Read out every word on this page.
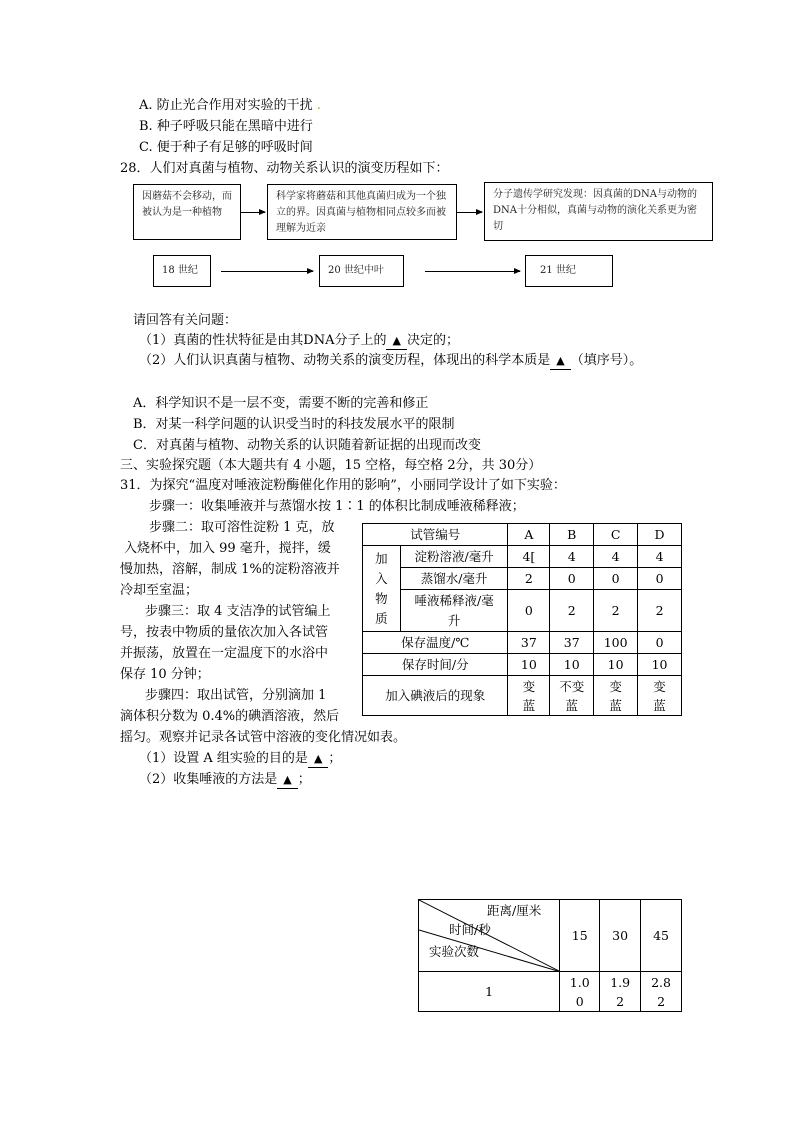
A. 防止光合作用对实验的干扰 .
B. 种子呼吸只能在黑暗中进行
C. 便于种子有足够的呼吸时间
28．人们对真菌与植物、动物关系认识的演变历程如下：
因蘑菇不会移动，而被认为是一种植物
科学家将蘑菇和其他真菌归成为一个独立的界。因真菌与植物相同点较多而被理解为近亲
分子遗传学研究发现：因真菌的DNA与动物的DNA十分相似，真菌与动物的演化关系更为密切
18 世纪	20 世纪中叶	21 世纪
请回答有关问题：
（1）真菌的性状特征是由其DNA分子上的 ▲ 决定的；
（2）人们认识真菌与植物、动物关系的演变历程，体现出的科学本质是 ▲ （填序号）。
A．科学知识不是一层不变，需要不断的完善和修正
B．对某一科学问题的认识受当时的科技发展水平的限制
C．对真菌与植物、动物关系的认识随着新证据的出现而改变
三、实验探究题（本大题共有 4 小题，15 空格，每空格 2分，共 30分）
31．为探究“温度对唾液淀粉酶催化作用的影响”，小丽同学设计了如下实验：
步骤一：收集唾液并与蒸馏水按 1∶1 的体积比制成唾液稀释液；
步骤二：取可溶性淀粉 1 克，放
入烧杯中，加入 99 毫升，搅拌，缓
慢加热，溶解，制成 1%的淀粉溶液并
冷却至室温；
步骤三：取 4 支洁净的试管编上
号，按表中物质的量依次加入各试管
并振荡，放置在一定温度下的水浴中
保存 10 分钟；
步骤四：取出试管，分别滴加 1
滴体积分数为 0.4%的碘酒溶液，然后
摇匀。观察并记录各试管中溶液的变化情况如表。
（1）设置 A 组实验的目的是 ▲ ；
（2）收集唾液的方法是 ▲ ；
试管编号		A	B	C	D
加
入
物
质	淀粉溶液/毫升	4[	4	4	4
	蒸馏水/毫升	2	0	0	0
	唾液稀释液/毫
升	0	2	2	2
保存温度/℃		37	37	100	0
保存时间/分		10	10	10	10
加入碘液后的现象		变
蓝	不变
蓝	变
蓝	变
蓝
距离/厘米
时间/秒
实验次数	15	30	45
1	1.0
0	1.9
2	2.8
2
